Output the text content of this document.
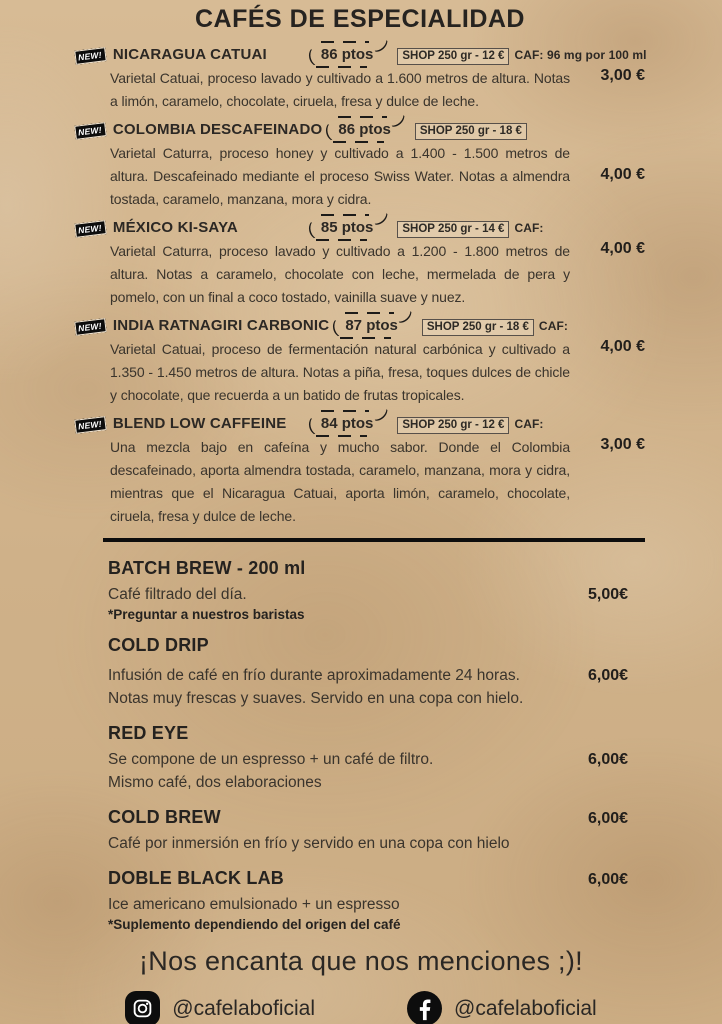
CAFÉS DE ESPECIALIDAD
NEW! NICARAGUA CATUAI	( 86 ptos )
SHOP 250 gr - 12 € CAF: 96 mg por 100 ml

Varietal Catuai, proceso lavado y cultivado a 1.600 metros de altura. Notas a limón, caramelo, chocolate, ciruela, fresa y dulce de leche.

3,00 €
NEW! COLOMBIA DESCAFEINADO ( 86 ptos )
SHOP 250 gr - 18 €

Varietal Caturra, proceso honey y cultivado a 1.400 - 1.500 metros de altura. Descafeinado mediante el proceso Swiss Water. Notas a almendra tostada, caramelo, manzana, mora y cidra.

4,00 €
NEW! MÉXICO KI-SAYA	( 85 ptos )
SHOP 250 gr - 14 € CAF:

Varietal Caturra, proceso lavado y cultivado a 1.200 - 1.800 metros de altura. Notas a caramelo, chocolate con leche, mermelada de pera y pomelo, con un final a coco tostado, vainilla suave y nuez.

4,00 €
NEW! INDIA RATNAGIRI CARBONIC ( 87 ptos )
SHOP 250 gr - 18 € CAF:

Varietal Catuai, proceso de fermentación natural carbónica y cultivado a 1.350 - 1.450 metros de altura. Notas a piña, fresa, toques dulces de chicle y chocolate, que recuerda a un batido de frutas tropicales.

4,00 €
NEW! BLEND LOW CAFFEINE	( 84 ptos )
SHOP 250 gr - 12 € CAF:

Una mezcla bajo en cafeína y mucho sabor. Donde el Colombia descafeinado, aporta almendra tostada, caramelo, manzana, mora y cidra, mientras que el Nicaragua Catuai, aporta limón, caramelo, chocolate, ciruela, fresa y dulce de leche.

3,00 €
BATCH BREW - 200 ml

Café filtrado del día.	5,00€

*Preguntar a nuestros baristas

COLD DRIP

Infusión de café en frío durante aproximadamente 24 horas.	6,00€

Notas muy frescas y suaves. Servido en una copa con hielo.

RED EYE

Se compone de un espresso + un café de filtro.	6,00€

Mismo café, dos elaboraciones

COLD BREW	6,00€

Café por inmersión en frío y servido en una copa con hielo

DOBLE BLACK LAB	6,00€

Ice americano emulsionado + un espresso

*Suplemento dependiendo del origen del café

¡Nos encanta que nos menciones ;)!
@cafelaboficial	@cafelaboficial
